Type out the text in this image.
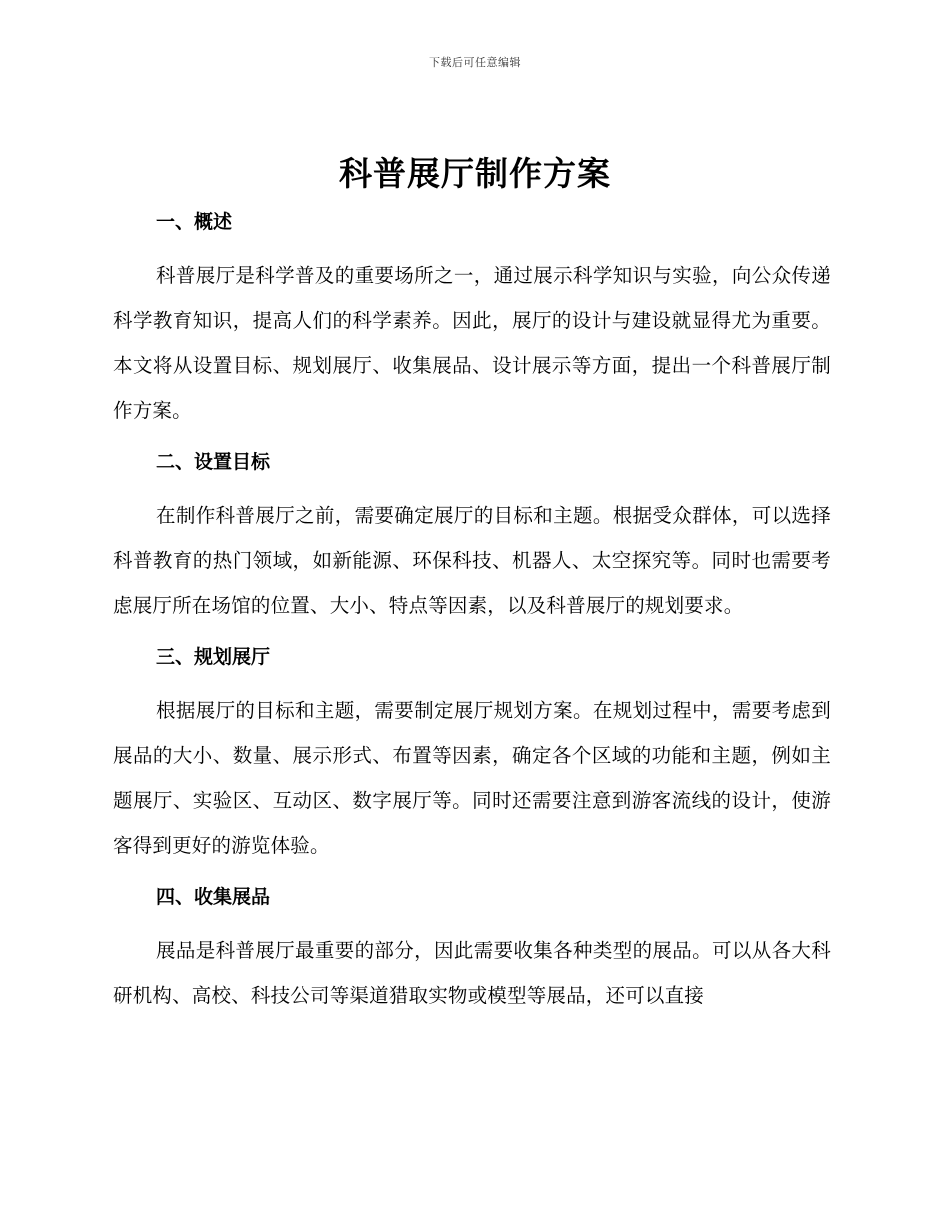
下载后可任意编辑
科普展厅制作方案
一、概述

科普展厅是科学普及的重要场所之一，通过展示科学知识与实验，向公众传递科学教育知识，提高人们的科学素养。因此，展厅的设计与建设就显得尤为重要。本文将从设置目标、规划展厅、收集展品、设计展示等方面，提出一个科普展厅制作方案。

二、设置目标

在制作科普展厅之前，需要确定展厅的目标和主题。根据受众群体，可以选择科普教育的热门领域，如新能源、环保科技、机器人、太空探究等。同时也需要考虑展厅所在场馆的位置、大小、特点等因素，以及科普展厅的规划要求。

三、规划展厅

根据展厅的目标和主题，需要制定展厅规划方案。在规划过程中，需要考虑到展品的大小、数量、展示形式、布置等因素，确定各个区域的功能和主题，例如主题展厅、实验区、互动区、数字展厅等。同时还需要注意到游客流线的设计，使游客得到更好的游览体验。

四、收集展品

展品是科普展厅最重要的部分，因此需要收集各种类型的展品。可以从各大科研机构、高校、科技公司等渠道猎取实物或模型等展品，还可以直接
